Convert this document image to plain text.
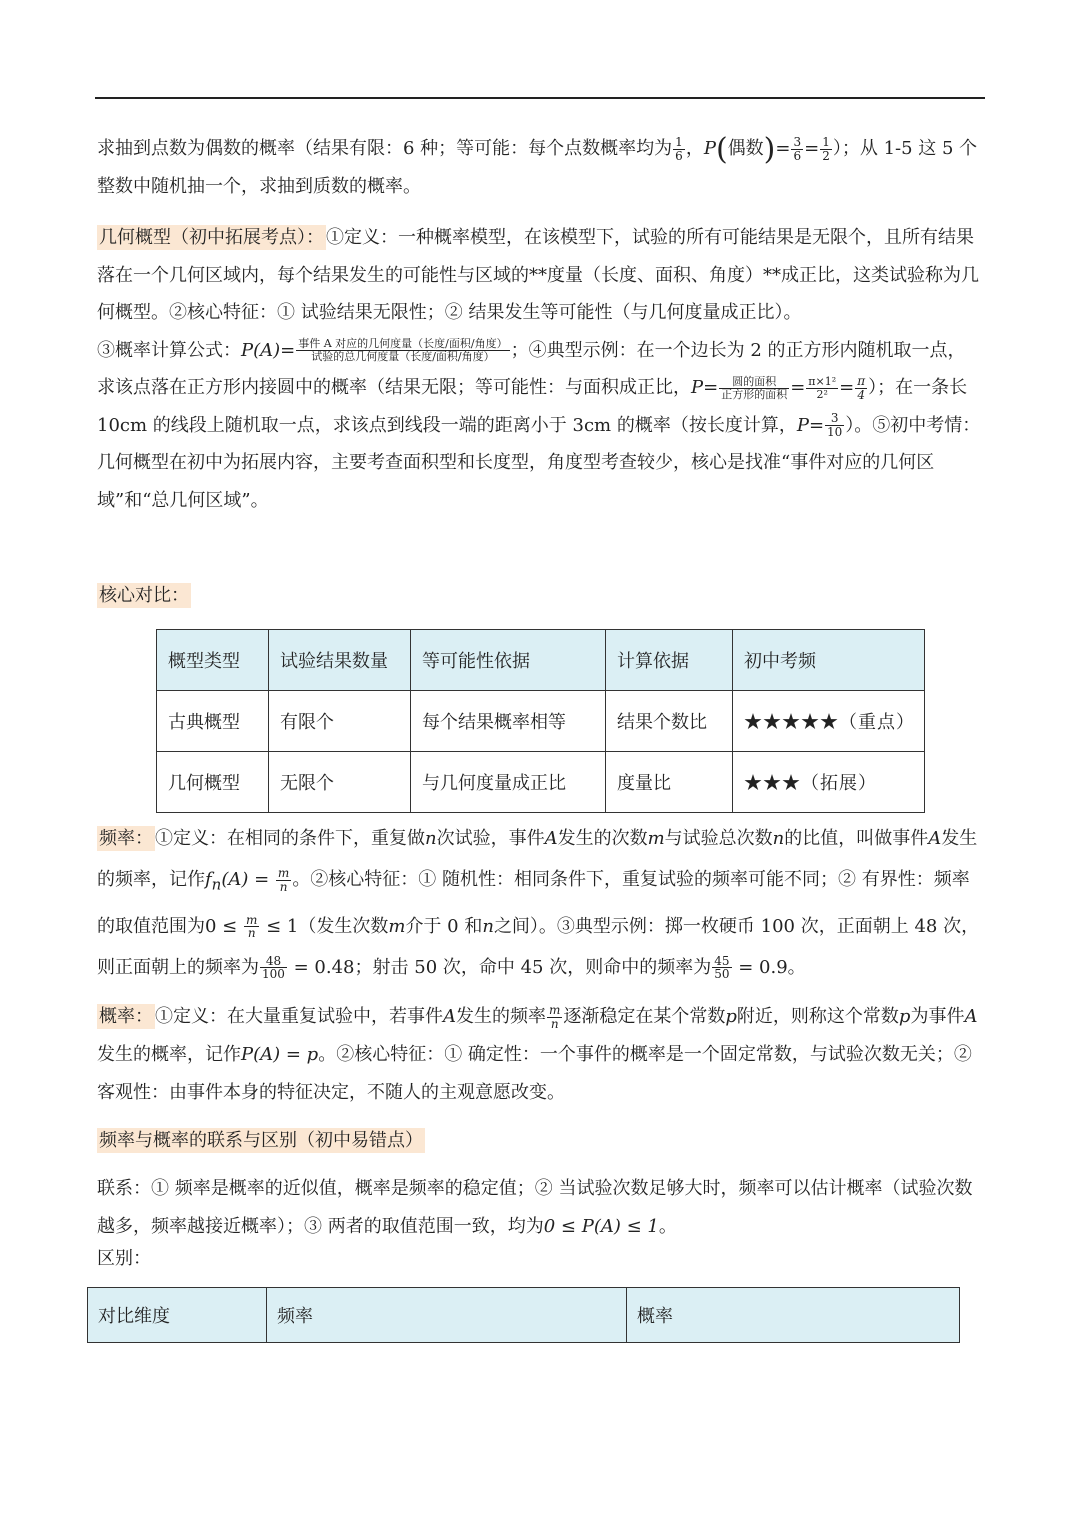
求抽到点数为偶数的概率（结果有限：6 种；等可能：每个点数概率均为 $\frac{1}{6}$ ，P(偶数)= $\frac{3}{6} = \frac{1}{2}$ ）；从 1-5 这 5 个整数中随机抽一个，求抽到质数的概率。

几何概型（初中拓展考点）： ①定义：一种概率模型，在该模型下，试验的所有可能结果是无限个，且所有结果落在一个几何区域内，每个结果发生的可能性与区域的**度量（长度、面积、角度）**成正比，这类试验称为几何概型。②核心特征：① 试验结果无限性；② 结果发生等可能性（与几何度量成正比）。
③概率计算公式：$P(A)= \frac{\text{事件 A 对应的几何度量（长度/面积/角度）}}{\text{试验的总几何度量（长度/面积/角度）}}$ ；④典型示例：在一个边长为 2 的正方形内随机取一点，求该点落在正方形内接圆中的概率（结果无限；等可能性：与面积成正比，$P= \frac{\text{圆的面积}}{\text{正方形的面积}} = \frac{\text{π×1²}}{\text{2²}} = \frac{\pi}{4}$ ）；在一条长 10cm 的线段上随机取一点，求该点到线段一端的距离小于 3cm 的概率（按长度计算，$P= \frac{3}{10}$ ）。⑤初中考情：几何概型在初中为拓展内容，主要考查面积型和长度型，角度型考查较少，核心是找准“事件对应的几何区域”和“总几何区域”。

核心对比：

概型类型	试验结果数量	等可能性依据	计算依据	初中考频
古典概型	有限个	每个结果概率相等	结果个数比	★★★★★（重点）
几何概型	无限个	与几何度量成正比	度量比	★★★（拓展）

频率： ①定义：在相同的条件下，重复做n次试验，事件A发生的次数m与试验总次数n的比值，叫做事件A发生的频率，记作$f_n(A) = \frac{m}{n}$ 。②核心特征：① 随机性：相同条件下，重复试验的频率可能不同；② 有界性：频率的取值范围为$0 \le \frac{m}{n} \le 1$（发生次数m介于 0 和n之间）。③典型示例：掷一枚硬币 100 次，正面朝上 48 次，则正面朝上的频率为 $\frac{48}{100} = 0.48$；射击 50 次，命中 45 次，则命中的频率为 $\frac{45}{50} = 0.9$。

概率： ①定义：在大量重复试验中，若事件A发生的频率 $\frac{m}{n}$ 逐渐稳定在某个常数p附近，则称这个常数p为事件A发生的概率，记作P(A) = p。②核心特征：① 确定性：一个事件的概率是一个固定常数，与试验次数无关；② 客观性：由事件本身的特征决定，不随人的主观意愿改变。

频率与概率的联系与区别（初中易错点）

联系：① 频率是概率的近似值，概率是频率的稳定值；② 当试验次数足够大时，频率可以估计概率（试验次数越多，频率越接近概率）；③ 两者的取值范围一致，均为0 ≤ P(A) ≤ 1。

区别：

对比维度	频率	概率
